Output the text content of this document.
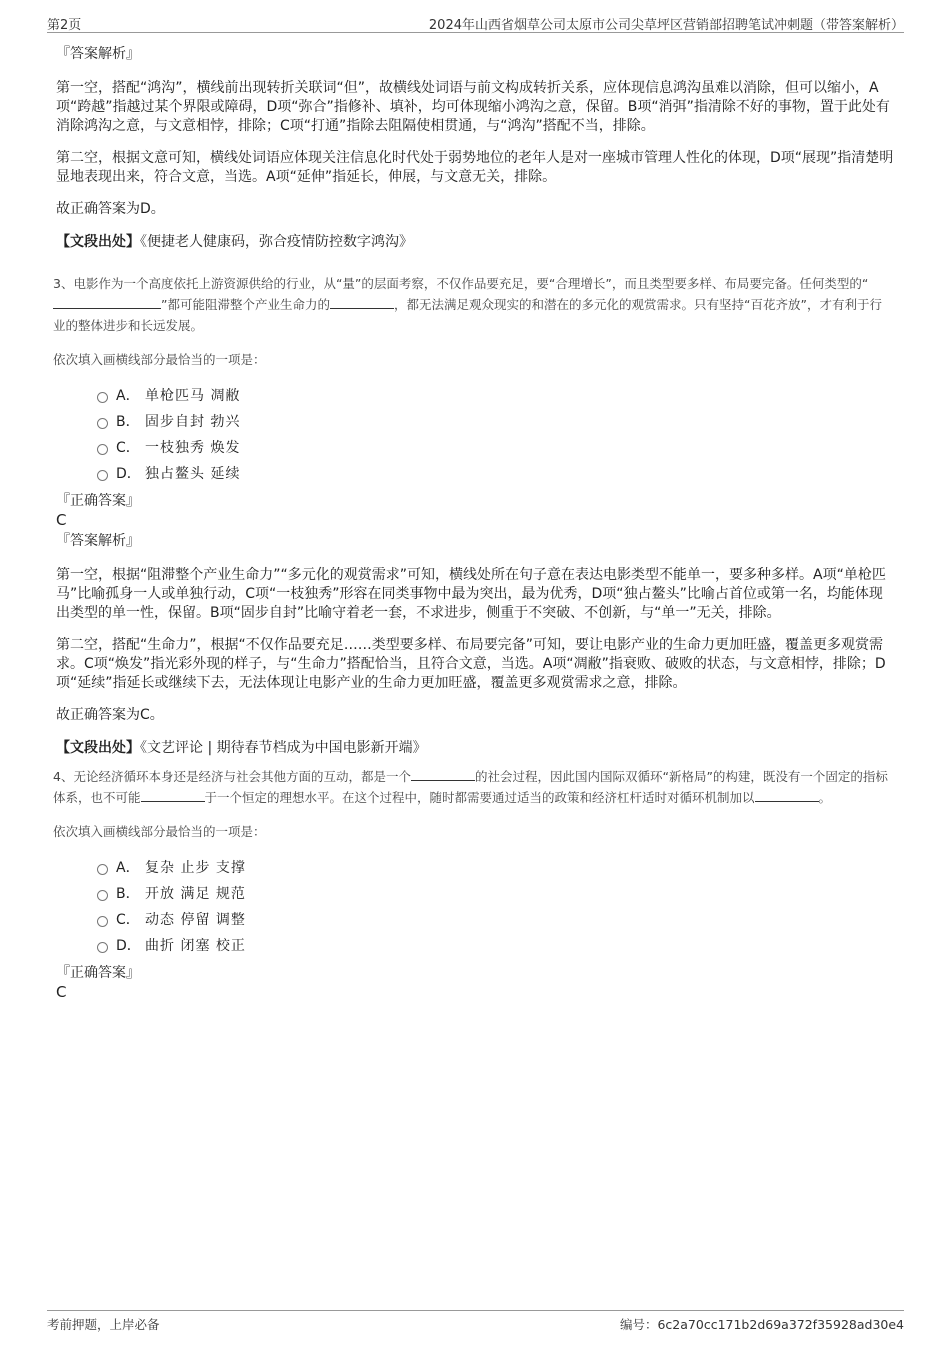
第2页	2024年山西省烟草公司太原市公司尖草坪区营销部招聘笔试冲刺题（带答案解析）

『答案解析』

第一空，搭配“鸿沟”，横线前出现转折关联词“但”，故横线处词语与前文构成转折关系，应体现信息鸿沟虽难以消除，但可以缩小，A项“跨越”指越过某个界限或障碍，D项“弥合”指修补、填补，均可体现缩小鸿沟之意，保留。B项“消弭”指清除不好的事物，置于此处有消除鸿沟之意，与文意相悖，排除；C项“打通”指除去阻隔使相贯通，与“鸿沟”搭配不当，排除。

第二空，根据文意可知，横线处词语应体现关注信息化时代处于弱势地位的老年人是对一座城市管理人性化的体现，D项“展现”指清楚明显地表现出来，符合文意，当选。A项“延伸”指延长，伸展，与文意无关，排除。

故正确答案为D。

【文段出处】《便捷老人健康码，弥合疫情防控数字鸿沟》

3、电影作为一个高度依托上游资源供给的行业，从“量”的层面考察，不仅作品要充足，要“合理增长”，而且类型要多样、布局要完备。任何类型的“”都可能阻滞整个产业生命力的	，都无法满足观众现实的和潜在的多元化的观赏需求。只有坚持“百花齐放”，才有利于行业的整体进步和长远发展。

依次填入画横线部分最恰当的一项是：

A． 单枪匹马 凋敝
B． 固步自封 勃兴
C． 一枝独秀 焕发
D． 独占鳌头 延续

『正确答案』

C

『答案解析』

第一空，根据“阻滞整个产业生命力”“多元化的观赏需求”可知，横线处所在句子意在表达电影类型不能单一，要多种多样。A项“单枪匹马”比喻孤身一人或单独行动，C项“一枝独秀”形容在同类事物中最为突出，最为优秀，D项“独占鳌头”比喻占首位或第一名，均能体现出类型的单一性，保留。B项“固步自封”比喻守着老一套，不求进步，侧重于不突破、不创新，与“单一”无关，排除。

第二空，搭配“生命力”，根据“不仅作品要充足……类型要多样、布局要完备”可知，要让电影产业的生命力更加旺盛，覆盖更多观赏需求。C项“焕发”指光彩外现的样子，与“生命力”搭配恰当，且符合文意，当选。A项“凋敝”指衰败、破败的状态，与文意相悖，排除；D项“延续”指延长或继续下去，无法体现让电影产业的生命力更加旺盛，覆盖更多观赏需求之意，排除。

故正确答案为C。

【文段出处】《文艺评论 | 期待春节档成为中国电影新开端》

4、无论经济循环本身还是经济与社会其他方面的互动，都是一个	的社会过程，因此国内国际双循环“新格局”的构建，既没有一个固定的指标体系，也不可能	于一个恒定的理想水平。在这个过程中，随时都需要通过适当的政策和经济杠杆适时对循环机制加以	。

依次填入画横线部分最恰当的一项是：

A． 复杂 止步 支撑
B． 开放 满足 规范
C． 动态 停留 调整
D． 曲折 闭塞 校正

『正确答案』

C

考前押题，上岸必备	编号：6c2a70cc171b2d69a372f35928ad30e4
